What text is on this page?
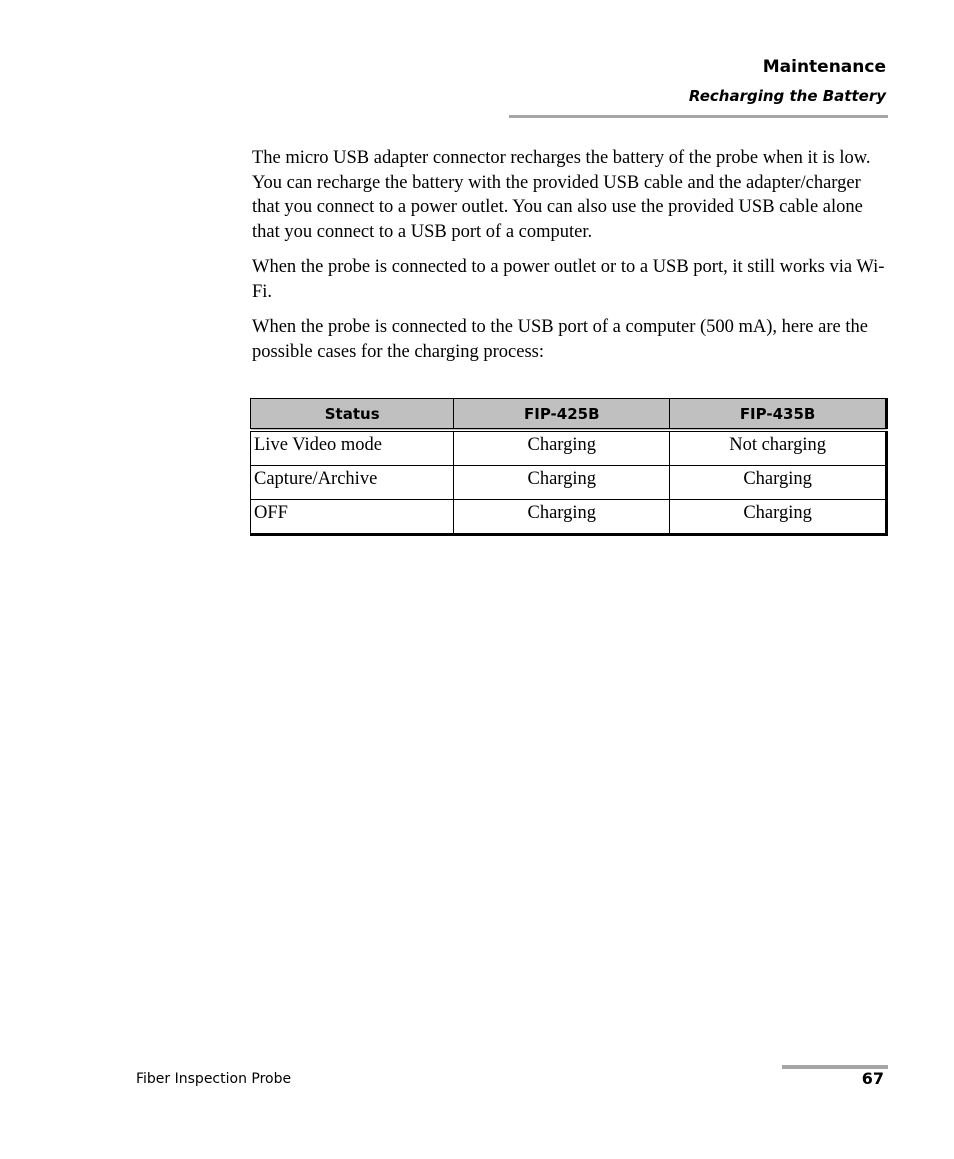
Maintenance
Recharging the Battery

The micro USB adapter connector recharges the battery of the probe when it is low. You can recharge the battery with the provided USB cable and the adapter/charger that you connect to a power outlet. You can also use the provided USB cable alone that you connect to a USB port of a computer.

When the probe is connected to a power outlet or to a USB port, it still works via Wi-Fi.

When the probe is connected to the USB port of a computer (500 mA), here are the possible cases for the charging process:

Status	FIP-425B	FIP-435B
Live Video mode	Charging	Not charging
Capture/Archive	Charging	Charging
OFF	Charging	Charging
Fiber Inspection Probe	67
